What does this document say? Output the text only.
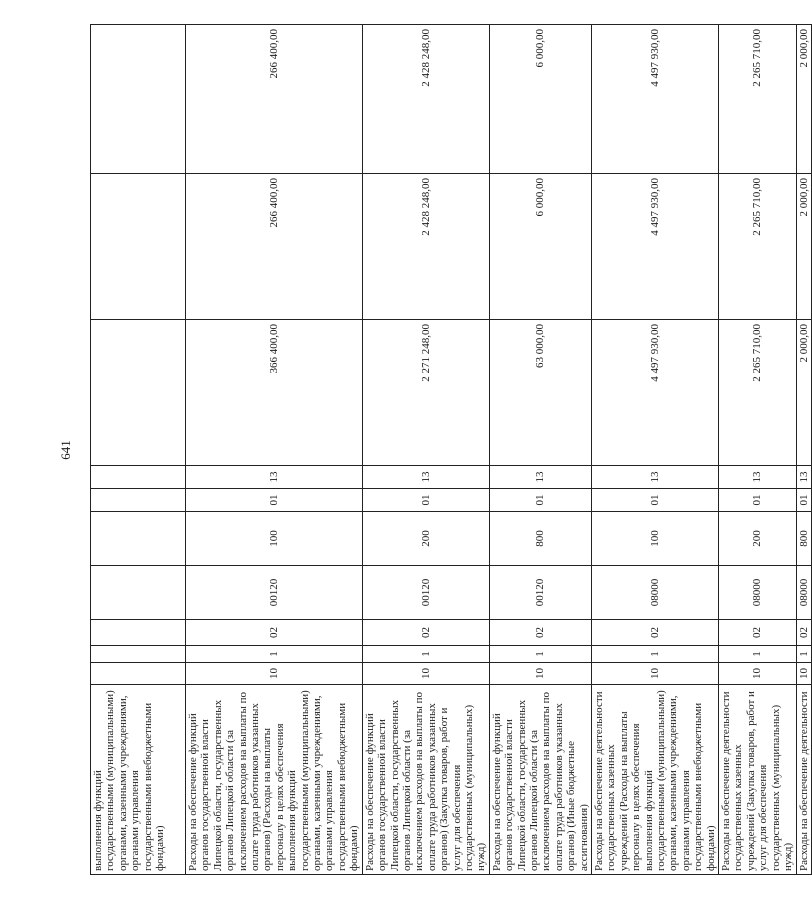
641
выполнения функций государственными (муниципальными) органами, казенными учреждениями, органами управления государственными внебюджетными фондами)										
Расходы на обеспечение функций органов государственной власти Липецкой области, государственных органов Липецкой области (за исключением расходов на выплаты по оплате труда работников указанных органов) (Расходы на выплаты персоналу в целях обеспечения выполнения функций государственными (муниципальными) органами, казенными учреждениями, органами управления государственными внебюджетными фондами)	10	1	02	00120	100	01	13	366 400,00	266 400,00	266 400,00
Расходы на обеспечение функций органов государственной власти Липецкой области, государственных органов Липецкой области (за исключением расходов на выплаты по оплате труда работников указанных органов) (Закупка товаров, работ и услуг для обеспечения государственных (муниципальных) нужд)	10	1	02	00120	200	01	13	2 271 248,00	2 428 248,00	2 428 248,00
Расходы на обеспечение функций органов государственной власти Липецкой области, государственных органов Липецкой области (за исключением расходов на выплаты по оплате труда работников указанных органов) (Иные бюджетные ассигнования)	10	1	02	00120	800	01	13	63 000,00	6 000,00	6 000,00
Расходы на обеспечение деятельности государственных казенных учреждений (Расходы на выплаты персоналу в целях обеспечения выполнения функций государственными (муниципальными) органами, казенными учреждениями, органами управления государственными внебюджетными фондами)	10	1	02	08000	100	01	13	4 497 930,00	4 497 930,00	4 497 930,00
Расходы на обеспечение деятельности государственных казенных учреждений (Закупка товаров, работ и услуг для обеспечения государственных (муниципальных) нужд)	10	1	02	08000	200	01	13	2 265 710,00	2 265 710,00	2 265 710,00
Расходы на обеспечение деятельности	10	1	02	08000	800	01	13	2 000,00	2 000,00	2 000,00
